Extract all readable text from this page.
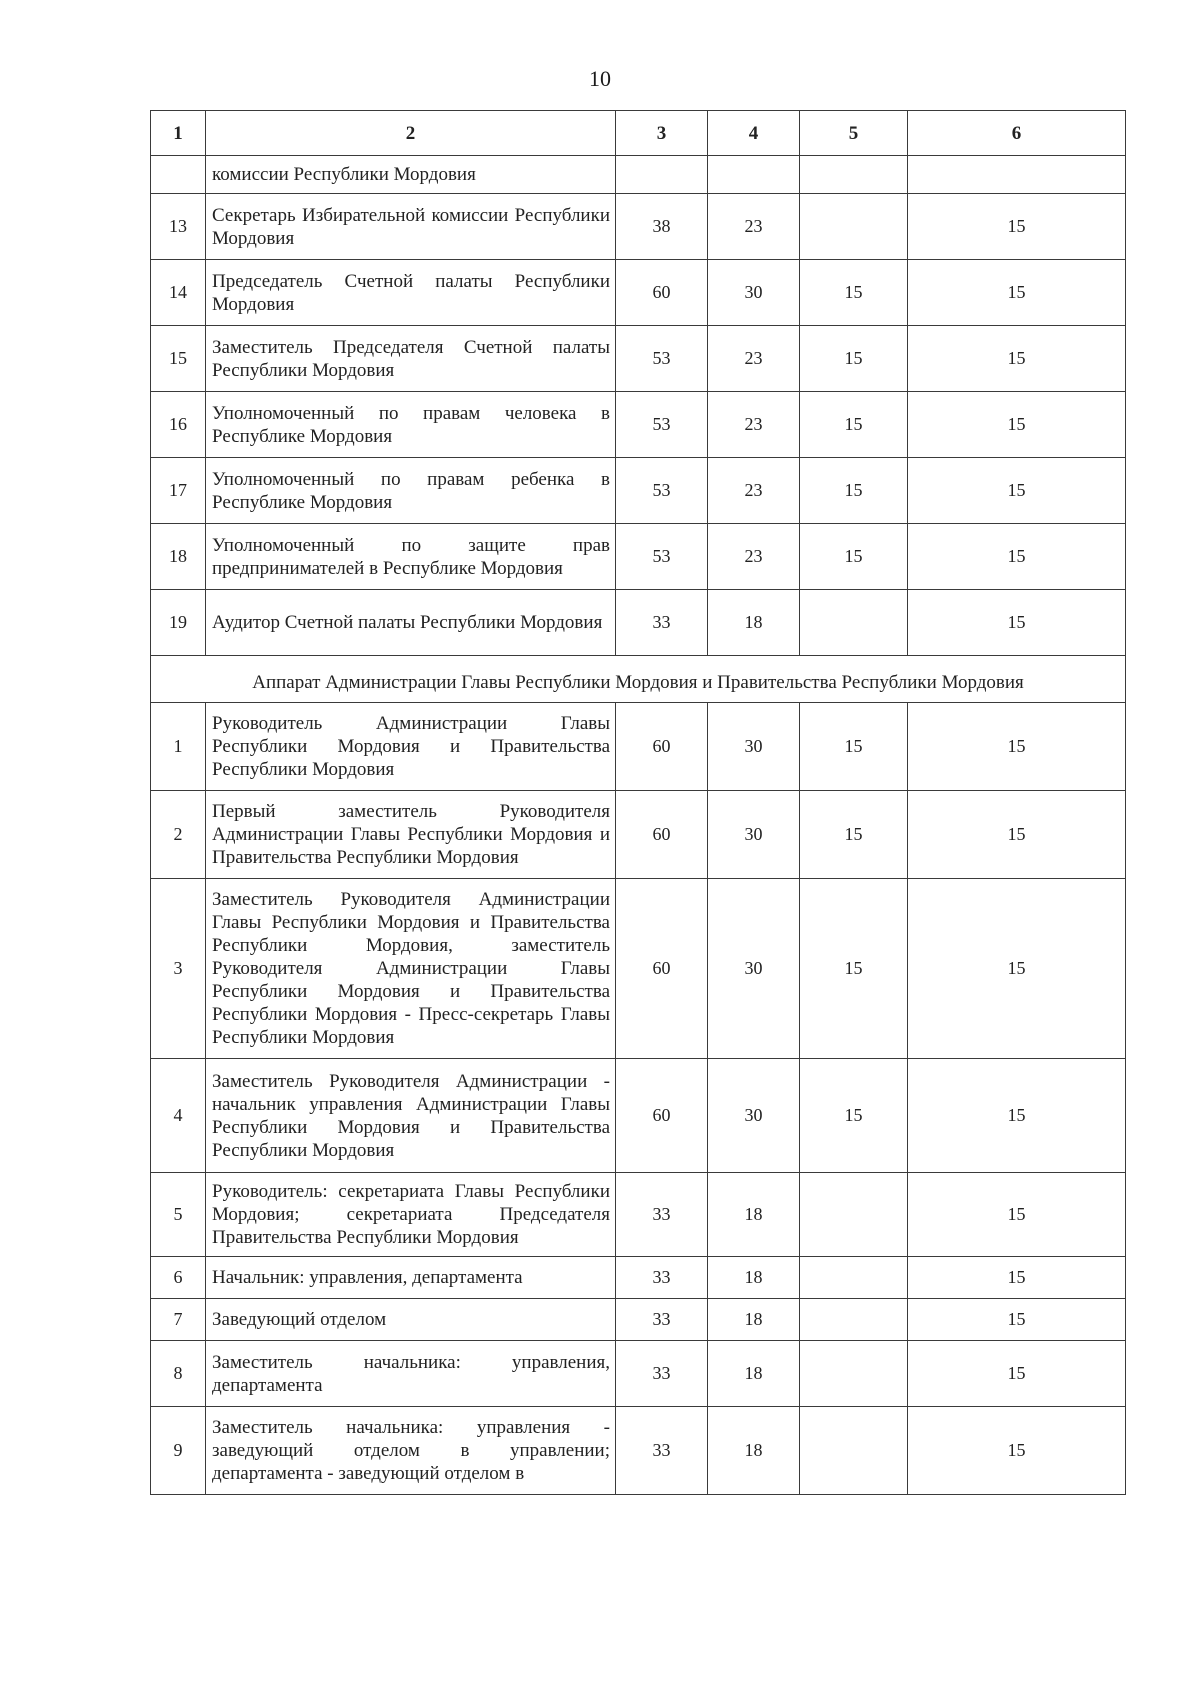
10
1	2	3	4	5	6
	комиссии Республики Мордовия				
13	Секретарь Избирательной комиссии Республики Мордовия	38	23		15
14	Председатель Счетной палаты Республики Мордовия	60	30	15	15
15	Заместитель Председателя Счетной палаты Республики Мордовия	53	23	15	15
16	Уполномоченный по правам человека в Республике Мордовия	53	23	15	15
17	Уполномоченный по правам ребенка в Республике Мордовия	53	23	15	15
18	Уполномоченный по защите прав предпринимателей в Республике Мордовия	53	23	15	15
19	Аудитор Счетной палаты Республики Мордовия	33	18		15
Аппарат Администрации Главы Республики Мордовия и Правительства Республики Мордовия					
1	Руководитель Администрации Главы Республики Мордовия и Правительства Республики Мордовия	60	30	15	15
2	Первый заместитель Руководителя Администрации Главы Республики Мордовия и Правительства Республики Мордовия	60	30	15	15
3	Заместитель Руководителя Администрации Главы Республики Мордовия и Правительства Республики Мордовия, заместитель Руководителя Администрации Главы Республики Мордовия и Правительства Республики Мордовия - Пресс-секретарь Главы Республики Мордовия	60	30	15	15
4	Заместитель Руководителя Администрации - начальник управления Администрации Главы Республики Мордовия и Правительства Республики Мордовия	60	30	15	15
5	Руководитель: секретариата Главы Республики Мордовия; секретариата Председателя Правительства Республики Мордовия	33	18		15
6	Начальник: управления, департамента	33	18		15
7	Заведующий отделом	33	18		15
8	Заместитель начальника: управления, департамента	33	18		15
9	Заместитель начальника: управления - заведующий отделом в управлении; департамента - заведующий отделом в	33	18		15
